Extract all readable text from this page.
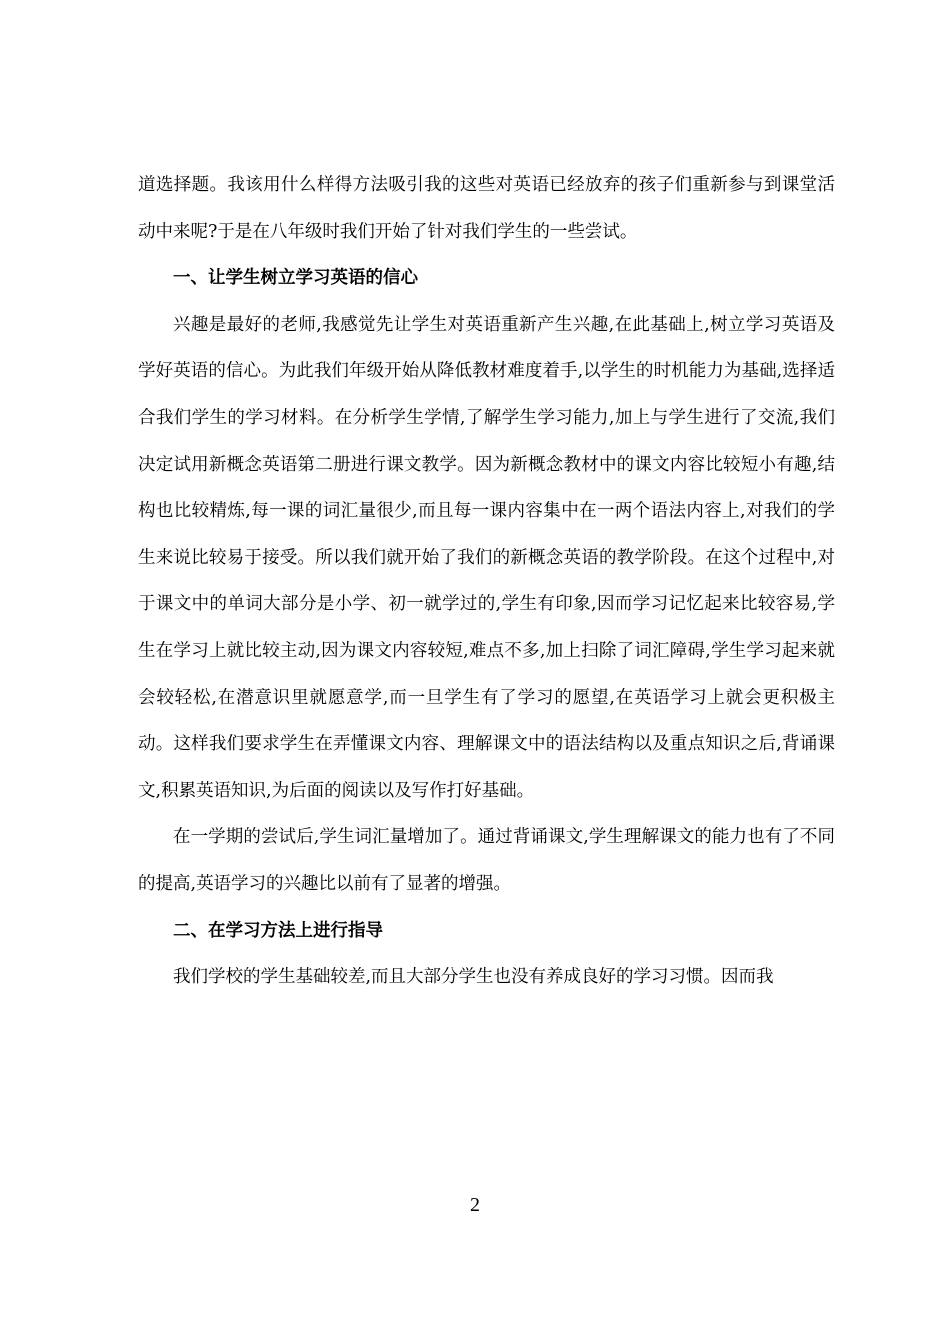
道选择题。我该用什么样得方法吸引我的这些对英语已经放弃的孩子们重新参与到课堂活动中来呢?于是在八年级时我们开始了针对我们学生的一些尝试。

一、让学生树立学习英语的信心

兴趣是最好的老师,我感觉先让学生对英语重新产生兴趣,在此基础上,树立学习英语及学好英语的信心。为此我们年级开始从降低教材难度着手,以学生的时机能力为基础,选择适合我们学生的学习材料。在分析学生学情,了解学生学习能力,加上与学生进行了交流,我们决定试用新概念英语第二册进行课文教学。因为新概念教材中的课文内容比较短小有趣,结构也比较精炼,每一课的词汇量很少,而且每一课内容集中在一两个语法内容上,对我们的学生来说比较易于接受。所以我们就开始了我们的新概念英语的教学阶段。在这个过程中,对于课文中的单词大部分是小学、初一就学过的,学生有印象,因而学习记忆起来比较容易,学生在学习上就比较主动,因为课文内容较短,难点不多,加上扫除了词汇障碍,学生学习起来就会较轻松,在潜意识里就愿意学,而一旦学生有了学习的愿望,在英语学习上就会更积极主动。这样我们要求学生在弄懂课文内容、理解课文中的语法结构以及重点知识之后,背诵课文,积累英语知识,为后面的阅读以及写作打好基础。

在一学期的尝试后,学生词汇量增加了。通过背诵课文,学生理解课文的能力也有了不同的提高,英语学习的兴趣比以前有了显著的增强。

二、在学习方法上进行指导

我们学校的学生基础较差,而且大部分学生也没有养成良好的学习习惯。因而我

2
